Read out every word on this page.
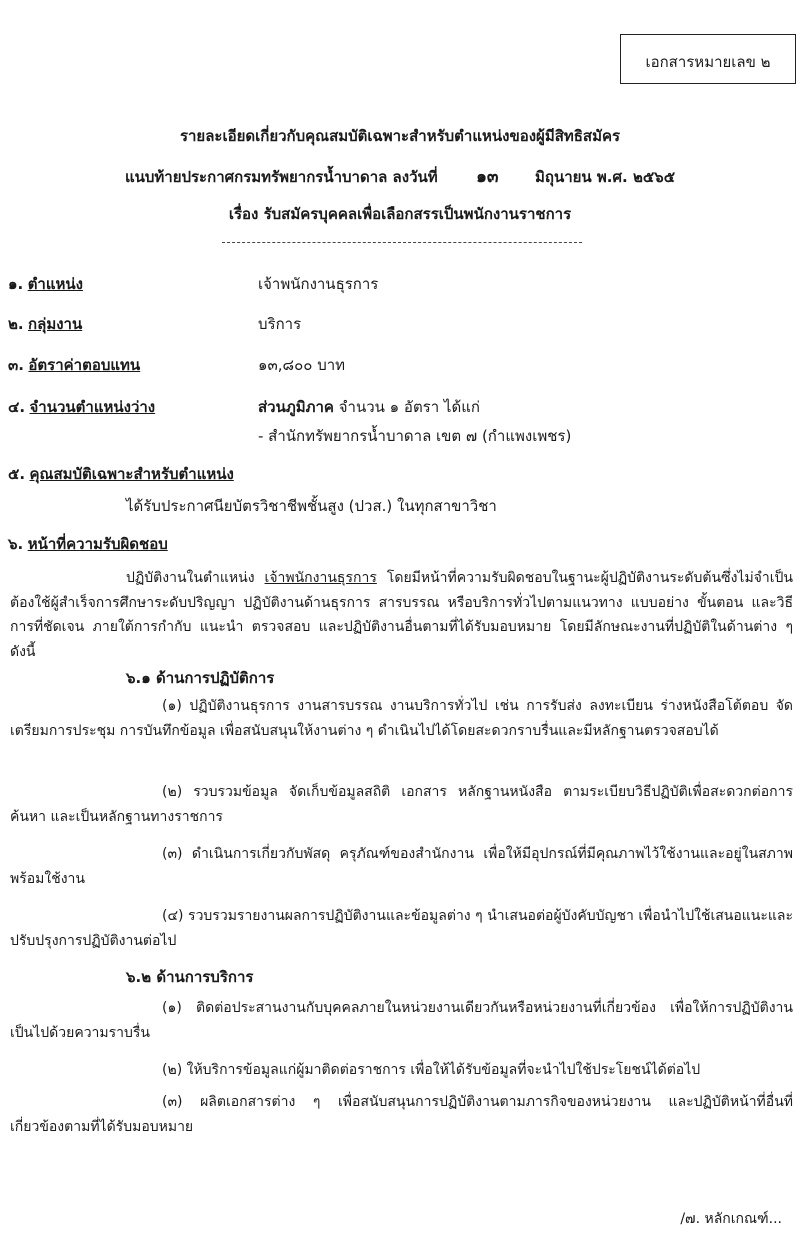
เอกสารหมายเลข ๒
รายละเอียดเกี่ยวกับคุณสมบัติเฉพาะสำหรับตำแหน่งของผู้มีสิทธิสมัคร
แนบท้ายประกาศกรมทรัพยากรน้ำบาดาล ลงวันที่ ๑๓ มิถุนายน พ.ศ. ๒๕๖๕
เรื่อง รับสมัครบุคคลเพื่อเลือกสรรเป็นพนักงานราชการ
๑. ตำแหน่ง	เจ้าพนักงานธุรการ
๒. กลุ่มงาน	บริการ
๓. อัตราค่าตอบแทน	๑๓,๘๐๐ บาท
๔. จำนวนตำแหน่งว่าง	ส่วนภูมิภาค จำนวน ๑ อัตรา ได้แก่
- สำนักทรัพยากรน้ำบาดาล เขต ๗ (กำแพงเพชร)
๕. คุณสมบัติเฉพาะสำหรับตำแหน่ง
ได้รับประกาศนียบัตรวิชาชีพชั้นสูง (ปวส.) ในทุกสาขาวิชา
๖. หน้าที่ความรับผิดชอบ
ปฏิบัติงานในตำแหน่ง เจ้าพนักงานธุรการ โดยมีหน้าที่ความรับผิดชอบในฐานะผู้ปฏิบัติงานระดับต้นซึ่งไม่จำเป็นต้องใช้ผู้สำเร็จการศึกษาระดับปริญญา ปฏิบัติงานด้านธุรการ สารบรรณ หรือบริการทั่วไปตามแนวทาง แบบอย่าง ขั้นตอน และวิธีการที่ชัดเจน ภายใต้การกำกับ แนะนำ ตรวจสอบ และปฏิบัติงานอื่นตามที่ได้รับมอบหมาย โดยมีลักษณะงานที่ปฏิบัติในด้านต่าง ๆ ดังนี้
๖.๑ ด้านการปฏิบัติการ
(๑) ปฏิบัติงานธุรการ งานสารบรรณ งานบริการทั่วไป เช่น การรับส่ง ลงทะเบียน ร่างหนังสือโต้ตอบ จัดเตรียมการประชุม การบันทึกข้อมูล เพื่อสนับสนุนให้งานต่าง ๆ ดำเนินไปได้โดยสะดวกราบรื่นและมีหลักฐานตรวจสอบได้
(๒) รวบรวมข้อมูล จัดเก็บข้อมูลสถิติ เอกสาร หลักฐานหนังสือ ตามระเบียบวิธีปฏิบัติเพื่อสะดวกต่อการค้นหา และเป็นหลักฐานทางราชการ
(๓) ดำเนินการเกี่ยวกับพัสดุ ครุภัณฑ์ของสำนักงาน เพื่อให้มีอุปกรณ์ที่มีคุณภาพไว้ใช้งานและอยู่ในสภาพพร้อมใช้งาน
(๔) รวบรวมรายงานผลการปฏิบัติงานและข้อมูลต่าง ๆ นำเสนอต่อผู้บังคับบัญชา เพื่อนำไปใช้เสนอแนะและปรับปรุงการปฏิบัติงานต่อไป
๖.๒ ด้านการบริการ
(๑) ติดต่อประสานงานกับบุคคลภายในหน่วยงานเดียวกันหรือหน่วยงานที่เกี่ยวข้อง เพื่อให้การปฏิบัติงานเป็นไปด้วยความราบรื่น
(๒) ให้บริการข้อมูลแก่ผู้มาติดต่อราชการ เพื่อให้ได้รับข้อมูลที่จะนำไปใช้ประโยชน์ได้ต่อไป
(๓) ผลิตเอกสารต่าง ๆ เพื่อสนับสนุนการปฏิบัติงานตามภารกิจของหน่วยงาน และปฏิบัติหน้าที่อื่นที่เกี่ยวข้องตามที่ได้รับมอบหมาย
/๗. หลักเกณฑ์...
